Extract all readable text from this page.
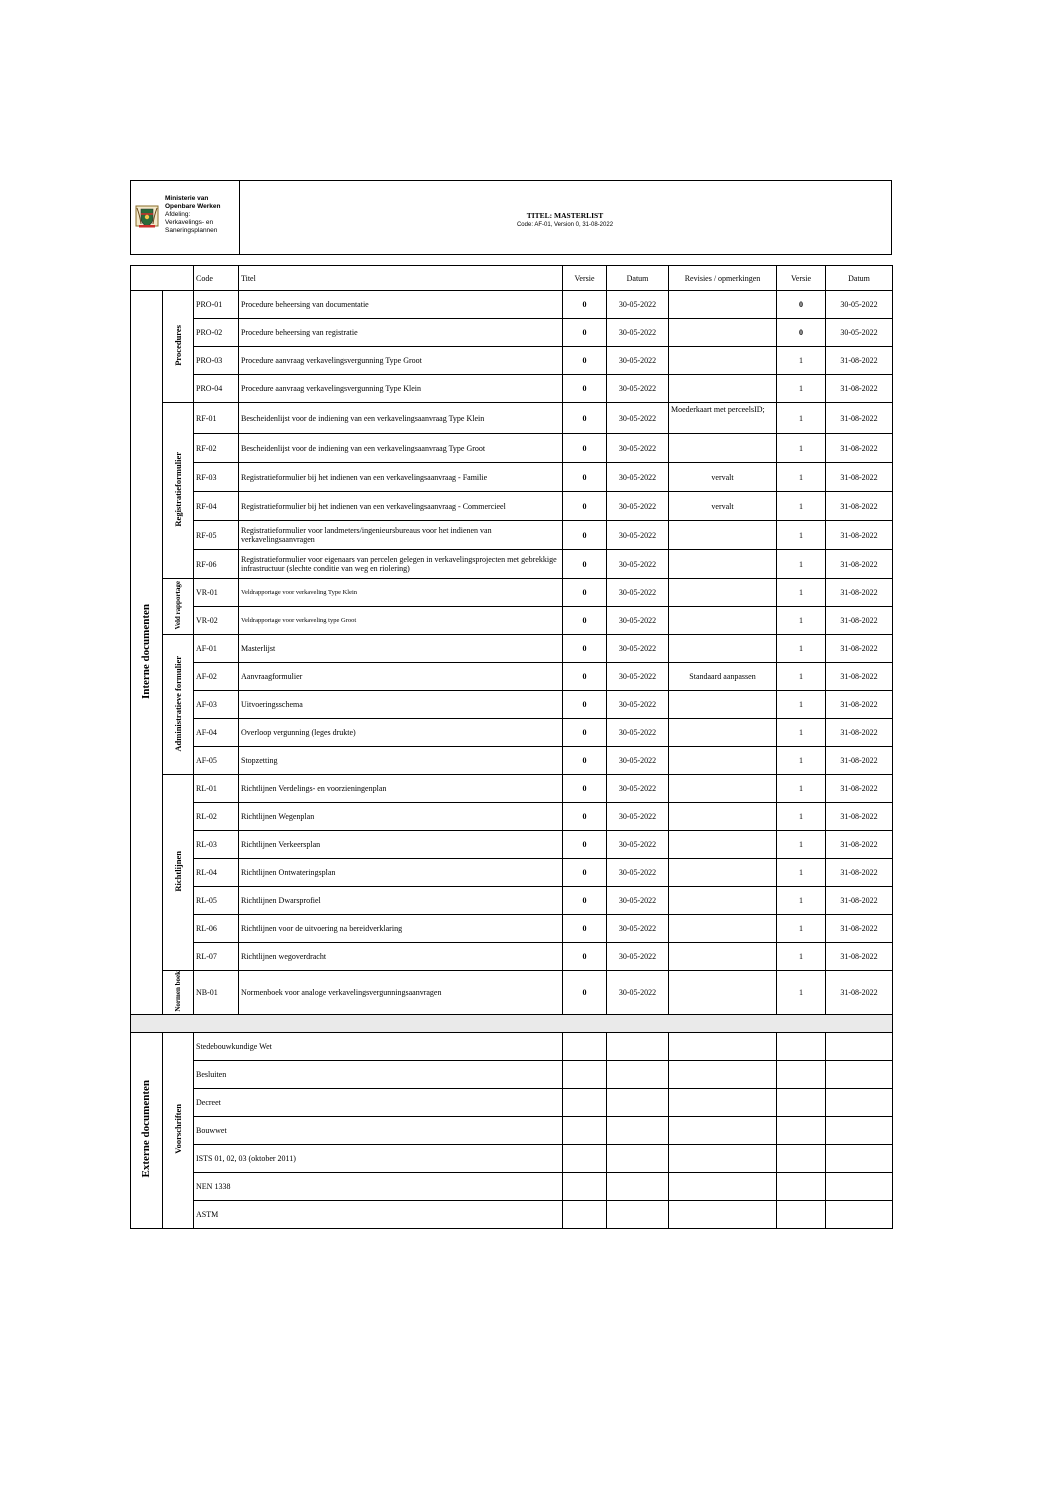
Ministerie van
Openbare Werken
Afdeling:
Verkavelings- en
Saneringsplannen
TITEL: MASTERLIST
Code: AF-01, Version 0, 31-08-2022
		Code	Titel	Versie	Datum	Revisies / opmerkingen	Versie	Datum
Interne documenten	Procedures	PRO-01	Procedure beheersing van documentatie	0	30-05-2022		0	30-05-2022
		PRO-02	Procedure beheersing van registratie	0	30-05-2022		0	30-05-2022
		PRO-03	Procedure aanvraag verkavelingsvergunning Type Groot	0	30-05-2022		1	31-08-2022
		PRO-04	Procedure aanvraag verkavelingsvergunning Type Klein	0	30-05-2022		1	31-08-2022
	Registratieformulier	RF-01	Bescheidenlijst voor de indiening van een verkavelingsaanvraag Type Klein	0	30-05-2022	Moederkaart met perceelsID;	1	31-08-2022
		RF-02	Bescheidenlijst voor de indiening van een verkavelingsaanvraag Type Groot	0	30-05-2022		1	31-08-2022
		RF-03	Registratieformulier bij het indienen van een verkavelingsaanvraag - Familie	0	30-05-2022	vervalt	1	31-08-2022
		RF-04	Registratieformulier bij het indienen van een verkavelingsaanvraag - Commercieel	0	30-05-2022	vervalt	1	31-08-2022
		RF-05	Registratieformulier voor landmeters/ingenieursbureaus voor het indienen van verkavelingsaanvragen	0	30-05-2022		1	31-08-2022
		RF-06	Registratieformulier voor eigenaars van percelen gelegen in verkavelingsprojecten met gebrekkige infrastructuur (slechte conditie van weg en riolering)	0	30-05-2022		1	31-08-2022
	Veld rapportage	VR-01	Veldrapportage voor verkaveling Type Klein	0	30-05-2022		1	31-08-2022
		VR-02	Veldrapportage voor verkaveling type Groot	0	30-05-2022		1	31-08-2022
	Administratieve formulier	AF-01	Masterlijst	0	30-05-2022		1	31-08-2022
		AF-02	Aanvraagformulier	0	30-05-2022	Standaard aanpassen	1	31-08-2022
		AF-03	Uitvoeringsschema	0	30-05-2022		1	31-08-2022
		AF-04	Overloop vergunning (leges drukte)	0	30-05-2022		1	31-08-2022
		AF-05	Stopzetting	0	30-05-2022		1	31-08-2022
	Richtlijnen	RL-01	Richtlijnen Verdelings- en voorzieningenplan	0	30-05-2022		1	31-08-2022
		RL-02	Richtlijnen Wegenplan	0	30-05-2022		1	31-08-2022
		RL-03	Richtlijnen Verkeersplan	0	30-05-2022		1	31-08-2022
		RL-04	Richtlijnen Ontwateringsplan	0	30-05-2022		1	31-08-2022
		RL-05	Richtlijnen Dwarsprofiel	0	30-05-2022		1	31-08-2022
		RL-06	Richtlijnen voor de uitvoering na bereidverklaring	0	30-05-2022		1	31-08-2022
		RL-07	Richtlijnen wegoverdracht	0	30-05-2022		1	31-08-2022
	Normen boek	NB-01	Normenboek voor analoge verkavelingsvergunningsaanvragen	0	30-05-2022		1	31-08-2022

Externe documenten	Voorschriften	Stedebouwkundige Wet						
		Besluiten						
		Decreet						
		Bouwwet						
		ISTS 01, 02, 03 (oktober 2011)						
		NEN 1338						
		ASTM						
